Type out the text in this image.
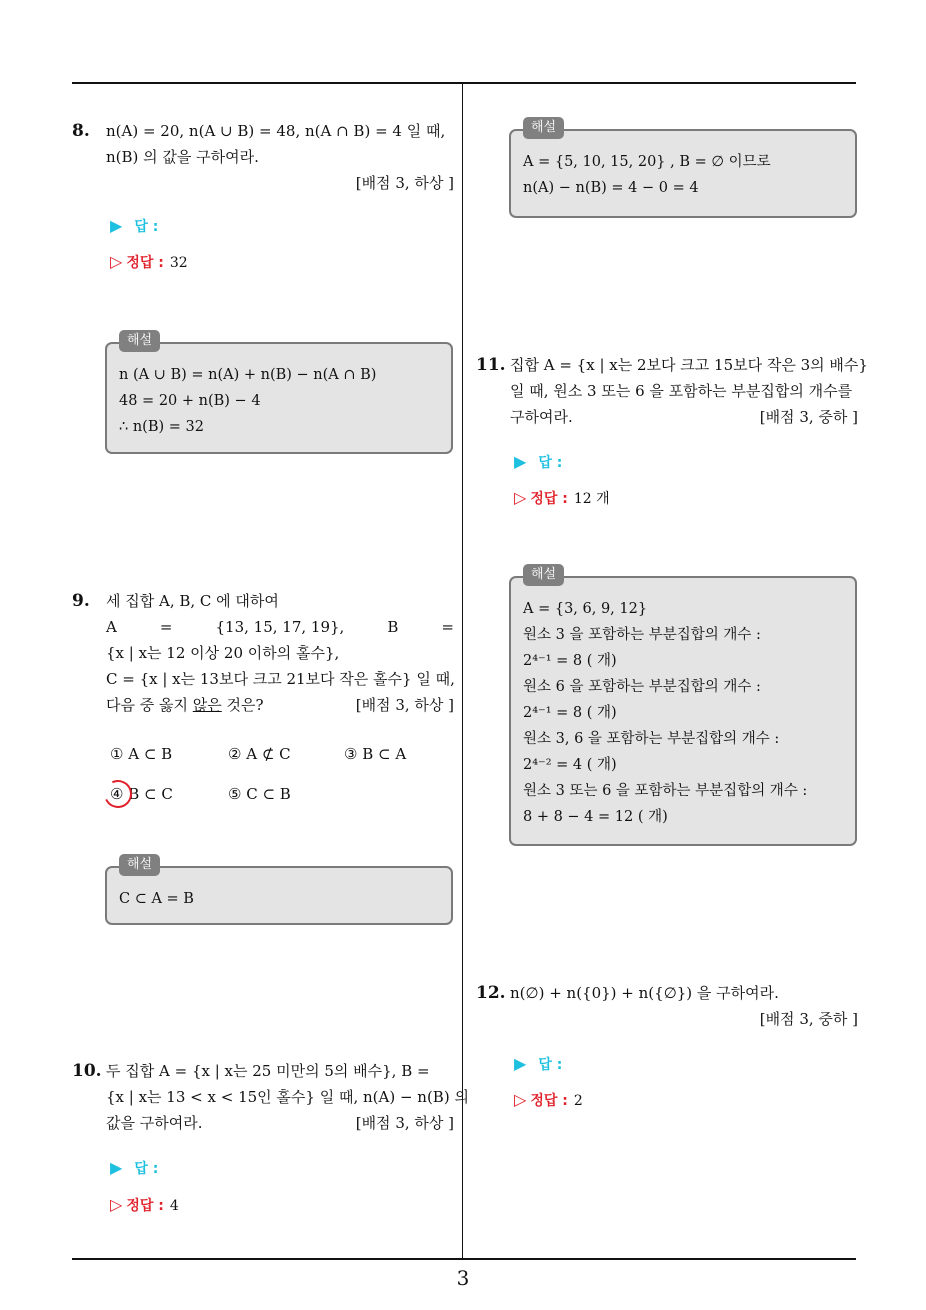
3
8. n(A) = 20, n(A ∪ B) = 48, n(A ∩ B) = 4 일 때,
n(B) 의 값을 구하여라.
[배점 3, 하상 ]
▶ 답 :
▷ 정답 : 32
해설
n (A ∪ B) = n(A) + n(B) − n(A ∩ B)
48 = 20 + n(B) − 4
∴ n(B) = 32
9. 세 집합 A, B, C 에 대하여
A	=	{13, 15, 17, 19},	B	=
{x | x는 12 이상 20 이하의 홀수},
C = {x | x는 13보다 크고 21보다 작은 홀수} 일 때,
다음 중 옳지 않은 것은?	[배점 3, 하상 ]
① A ⊂ B	② A ⊄ C	③ B ⊂ A
④ B ⊂ C	⑤ C ⊂ B
해설
C ⊂ A = B
10. 두 집합 A = {x | x는 25 미만의 5의 배수}, B =
{x | x는 13 < x < 15인 홀수} 일 때, n(A) − n(B) 의
값을 구하여라.	[배점 3, 하상 ]
▶ 답 :
▷ 정답 : 4
해설
A = {5, 10, 15, 20} , B = ∅ 이므로
n(A) − n(B) = 4 − 0 = 4
11. 집합 A = {x | x는 2보다 크고 15보다 작은 3의 배수}
일 때, 원소 3 또는 6 을 포함하는 부분집합의 개수를
구하여라.	[배점 3, 중하 ]
▶ 답 :
▷ 정답 : 12 개
해설
A = {3, 6, 9, 12}
원소 3 을 포함하는 부분집합의 개수 :
2⁴⁻¹ = 8 ( 개)
원소 6 을 포함하는 부분집합의 개수 :
2⁴⁻¹ = 8 ( 개)
원소 3, 6 을 포함하는 부분집합의 개수 :
2⁴⁻² = 4 ( 개)
원소 3 또는 6 을 포함하는 부분집합의 개수 :
8 + 8 − 4 = 12 ( 개)
12. n(∅) + n({0}) + n({∅}) 을 구하여라.
[배점 3, 중하 ]
▶ 답 :
▷ 정답 : 2
